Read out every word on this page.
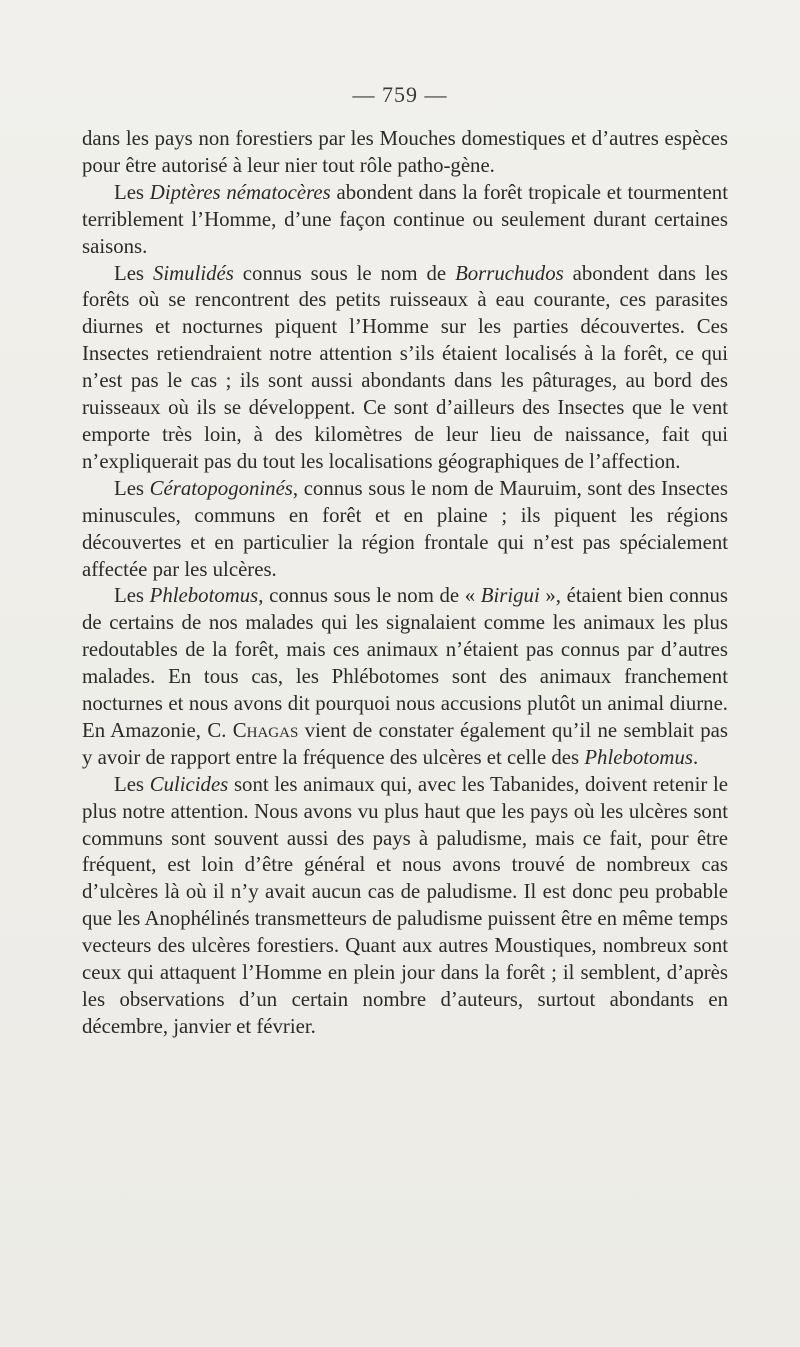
— 759 —

dans les pays non forestiers par les Mouches domestiques et d’autres espèces pour être autorisé à leur nier tout rôle patho-gène.

Les Diptères nématocères abondent dans la forêt tropicale et tourmentent terriblement l’Homme, d’une façon continue ou seulement durant certaines saisons.

Les Simulidés connus sous le nom de Borruchudos abondent dans les forêts où se rencontrent des petits ruisseaux à eau courante, ces parasites diurnes et nocturnes piquent l’Homme sur les parties découvertes. Ces Insectes retiendraient notre attention s’ils étaient localisés à la forêt, ce qui n’est pas le cas ; ils sont aussi abondants dans les pâturages, au bord des ruisseaux où ils se développent. Ce sont d’ailleurs des Insectes que le vent emporte très loin, à des kilomètres de leur lieu de naissance, fait qui n’expliquerait pas du tout les localisations géographiques de l’affection.

Les Cératopogoninés, connus sous le nom de Mauruim, sont des Insectes minuscules, communs en forêt et en plaine ; ils piquent les régions découvertes et en particulier la région frontale qui n’est pas spécialement affectée par les ulcères.

Les Phlebotomus, connus sous le nom de « Birigui », étaient bien connus de certains de nos malades qui les signalaient comme les animaux les plus redoutables de la forêt, mais ces animaux n’étaient pas connus par d’autres malades. En tous cas, les Phlébotomes sont des animaux franchement nocturnes et nous avons dit pourquoi nous accusions plutôt un animal diurne. En Amazonie, C. Chagas vient de constater également qu’il ne semblait pas y avoir de rapport entre la fréquence des ulcères et celle des Phlebotomus.

Les Culicides sont les animaux qui, avec les Tabanides, doivent retenir le plus notre attention. Nous avons vu plus haut que les pays où les ulcères sont communs sont souvent aussi des pays à paludisme, mais ce fait, pour être fréquent, est loin d’être général et nous avons trouvé de nombreux cas d’ulcères là où il n’y avait aucun cas de paludisme. Il est donc peu probable que les Anophélinés transmetteurs de paludisme puissent être en même temps vecteurs des ulcères forestiers. Quant aux autres Moustiques, nombreux sont ceux qui attaquent l’Homme en plein jour dans la forêt ; il semblent, d’après les observations d’un certain nombre d’auteurs, surtout abondants en décembre, janvier et février.
